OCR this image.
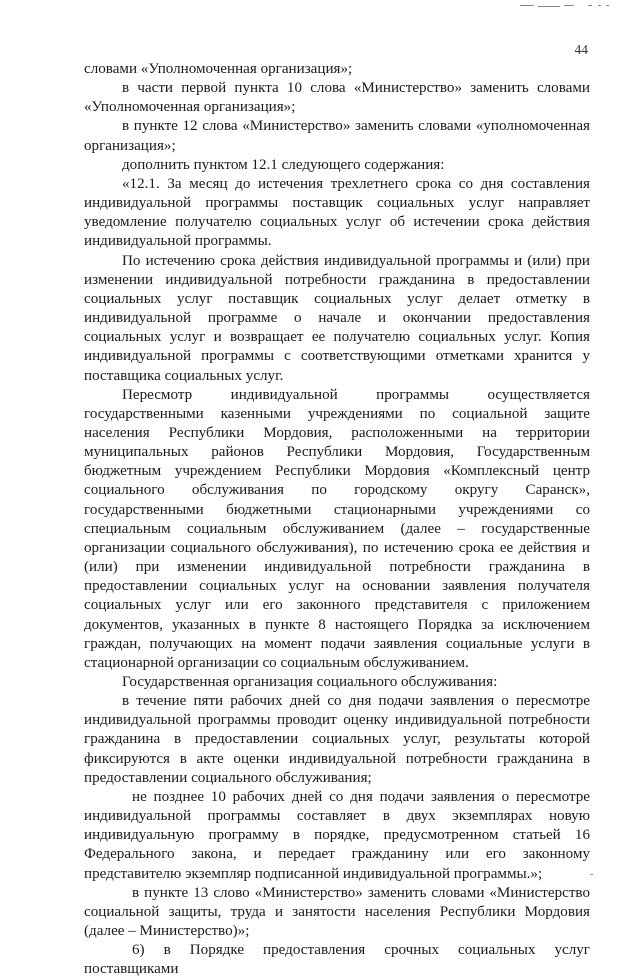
44

словами «Уполномоченная организация»;

в части первой пункта 10 слова «Министерство» заменить словами «Уполномоченная организация»;

в пункте 12 слова «Министерство» заменить словами «уполномоченная организация»;

дополнить пунктом 12.1 следующего содержания:

«12.1. За месяц до истечения трехлетнего срока со дня составления индивидуальной программы поставщик социальных услуг направляет уведомление получателю социальных услуг об истечении срока действия индивидуальной программы.

По истечению срока действия индивидуальной программы и (или) при изменении индивидуальной потребности гражданина в предоставлении социальных услуг поставщик социальных услуг делает отметку в индивидуальной программе о начале и окончании предоставления социальных услуг и возвращает ее получателю социальных услуг. Копия индивидуальной программы с соответствующими отметками хранится у поставщика социальных услуг.

Пересмотр индивидуальной программы осуществляется государственными казенными учреждениями по социальной защите населения Республики Мордовия, расположенными на территории муниципальных районов Республики Мордовия, Государственным бюджетным учреждением Республики Мордовия «Комплексный центр социального обслуживания по городскому округу Саранск», государственными бюджетными стационарными учреждениями со специальным социальным обслуживанием (далее – государственные организации социального обслуживания), по истечению срока ее действия и (или) при изменении индивидуальной потребности гражданина в предоставлении социальных услуг на основании заявления получателя социальных услуг или его законного представителя с приложением документов, указанных в пункте 8 настоящего Порядка за исключением граждан, получающих на момент подачи заявления социальные услуги в стационарной организации со социальным обслуживанием.

Государственная организация социального обслуживания:

в течение пяти рабочих дней со дня подачи заявления о пересмотре индивидуальной программы проводит оценку индивидуальной потребности гражданина в предоставлении социальных услуг, результаты которой фиксируются в акте оценки индивидуальной потребности гражданина в предоставлении социального обслуживания;

не позднее 10 рабочих дней со дня подачи заявления о пересмотре индивидуальной программы составляет в двух экземплярах новую индивидуальную программу в порядке, предусмотренном статьей 16 Федерального закона, и передает гражданину или его законному представителю экземпляр подписанной индивидуальной программы.»;

в пункте 13 слово «Министерство» заменить словами «Министерство социальной защиты, труда и занятости населения Республики Мордовия (далее – Министерство)»;

6) в Порядке предоставления срочных социальных услуг поставщиками
